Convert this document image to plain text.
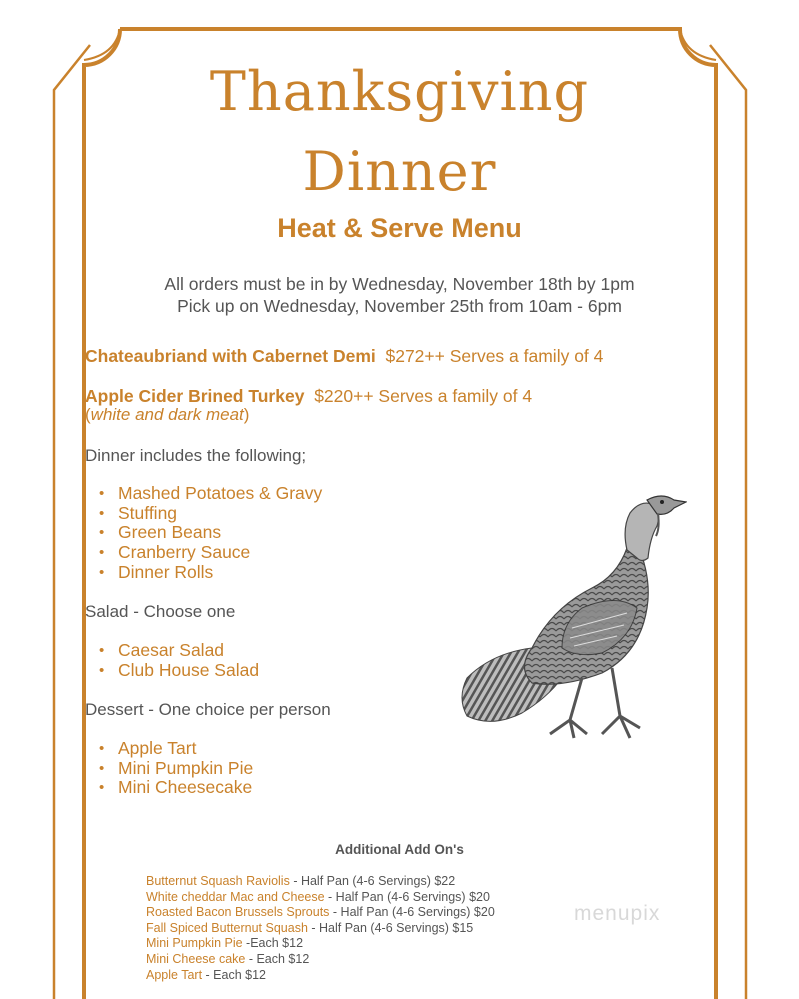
Thanksgiving
Dinner
Heat & Serve Menu
All orders must be in by Wednesday, November 18th by 1pm
Pick up on Wednesday, November 25th from 10am - 6pm
Chateaubriand with Cabernet Demi $272++ Serves a family of 4
Apple Cider Brined Turkey $220++ Serves a family of 4
(white and dark meat)
Dinner includes the following;
• Mashed Potatoes & Gravy
• Stuffing
• Green Beans
• Cranberry Sauce
• Dinner Rolls
Salad - Choose one
• Caesar Salad
• Club House Salad
Dessert - One choice per person
• Apple Tart
• Mini Pumpkin Pie
• Mini Cheesecake
Additional Add On's
Butternut Squash Raviolis - Half Pan (4-6 Servings) $22
White cheddar Mac and Cheese - Half Pan (4-6 Servings) $20
Roasted Bacon Brussels Sprouts - Half Pan (4-6 Servings) $20
Fall Spiced Butternut Squash - Half Pan (4-6 Servings) $15
Mini Pumpkin Pie -Each $12
Mini Cheese cake - Each $12
Apple Tart - Each $12
menupix
